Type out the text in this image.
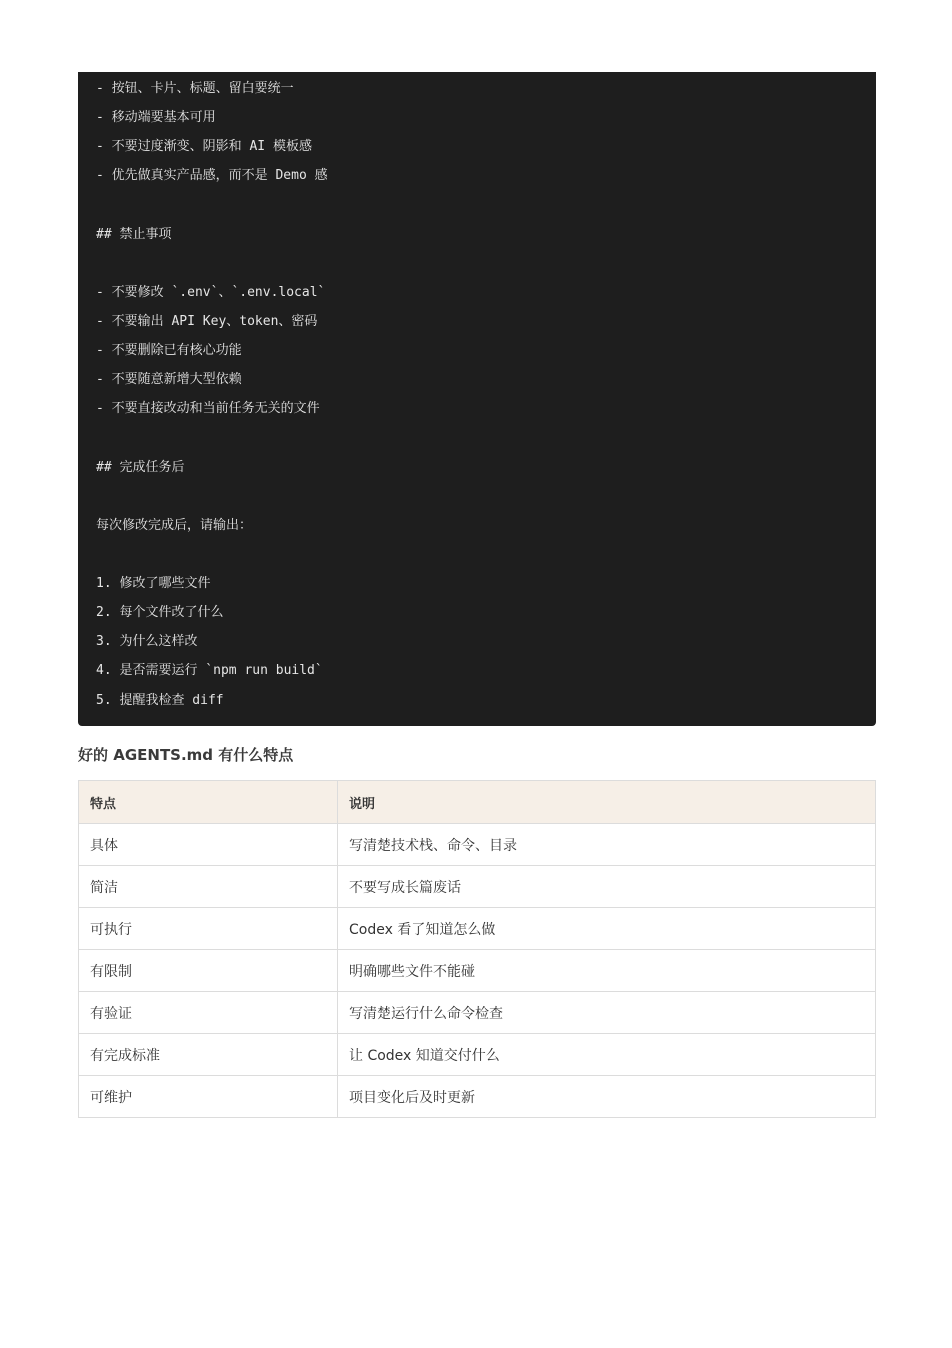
- 按钮、卡片、标题、留白要统一
- 移动端要基本可用
- 不要过度渐变、阴影和 AI 模板感
- 优先做真实产品感，而不是 Demo 感
## 禁止事项
- 不要修改 `.env`、`.env.local`
- 不要输出 API Key、token、密码
- 不要删除已有核心功能
- 不要随意新增大型依赖
- 不要直接改动和当前任务无关的文件
## 完成任务后
每次修改完成后，请输出：
1. 修改了哪些文件
2. 每个文件改了什么
3. 为什么这样改
4. 是否需要运行 `npm run build`
5. 提醒我检查 diff
好的 AGENTS.md 有什么特点
特点	说明
具体	写清楚技术栈、命令、目录
简洁	不要写成长篇废话
可执行	Codex 看了知道怎么做
有限制	明确哪些文件不能碰
有验证	写清楚运行什么命令检查
有完成标准	让 Codex 知道交付什么
可维护	项目变化后及时更新
